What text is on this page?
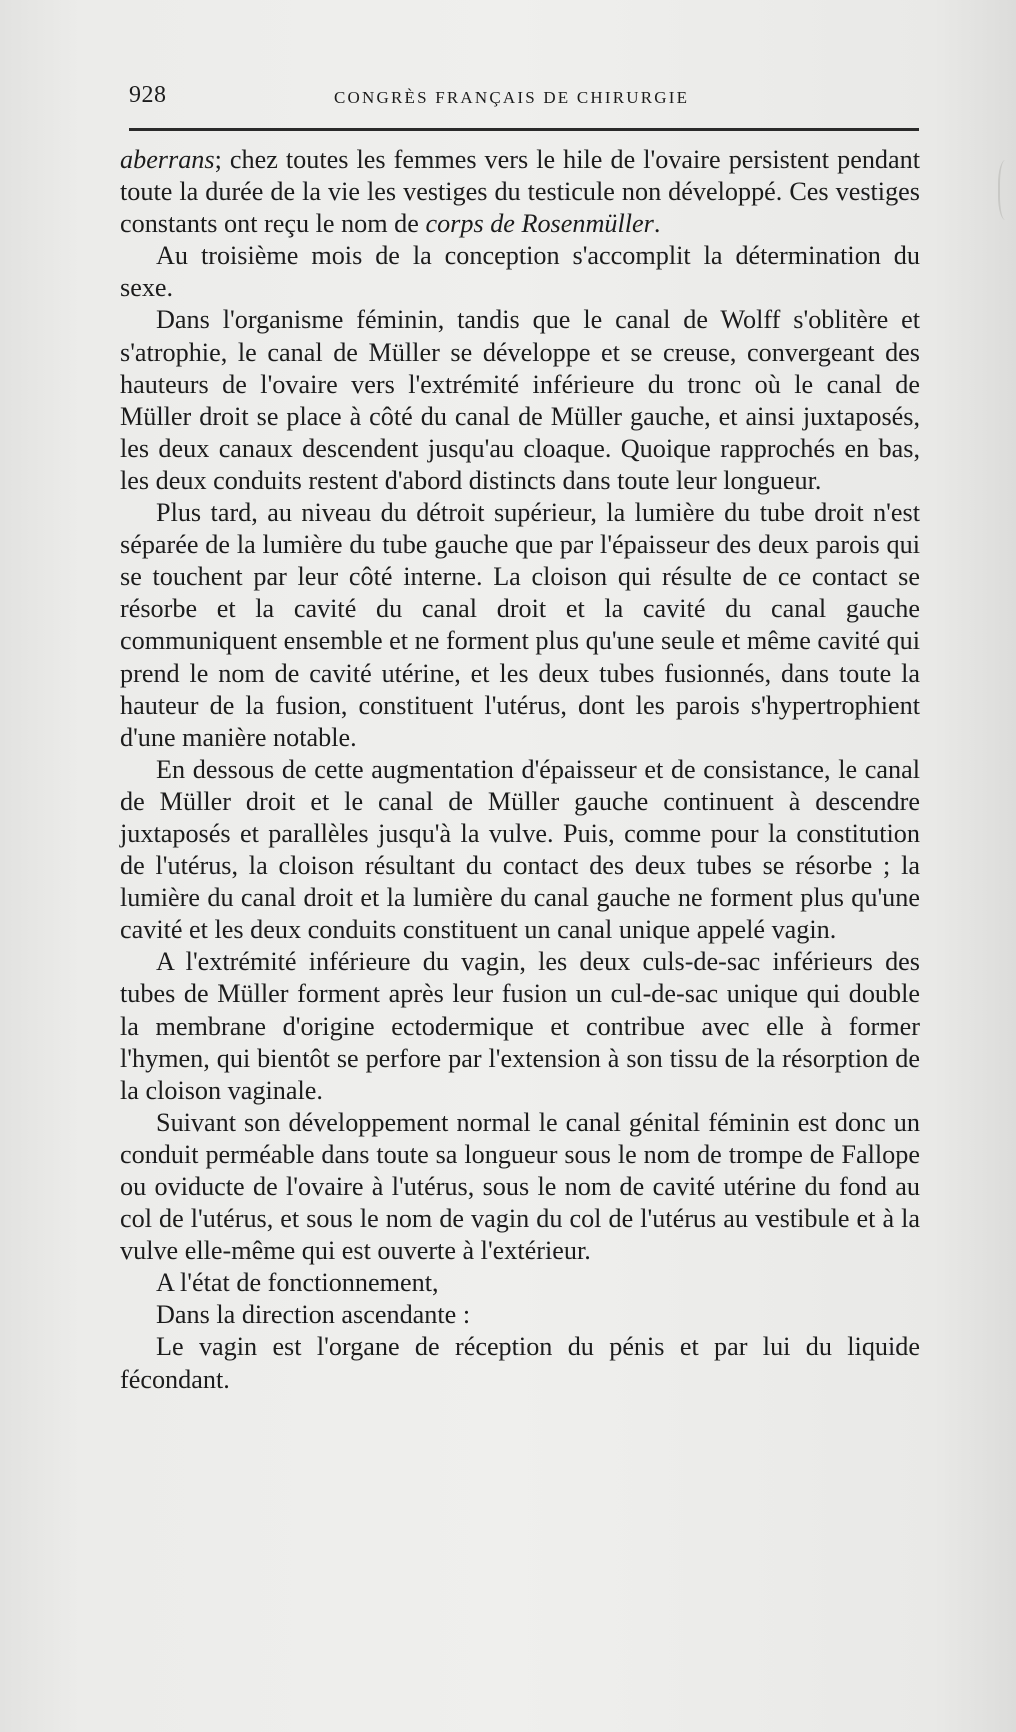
928	CONGRÈS FRANÇAIS DE CHIRURGIE

aberrans; chez toutes les femmes vers le hile de l'ovaire persistent pendant toute la durée de la vie les vestiges du testicule non développé. Ces vestiges constants ont reçu le nom de corps de Rosenmüller.

Au troisième mois de la conception s'accomplit la détermination du sexe.

Dans l'organisme féminin, tandis que le canal de Wolff s'oblitère et s'atrophie, le canal de Müller se développe et se creuse, convergeant des hauteurs de l'ovaire vers l'extrémité inférieure du tronc où le canal de Müller droit se place à côté du canal de Müller gauche, et ainsi juxtaposés, les deux canaux descendent jusqu'au cloaque. Quoique rapprochés en bas, les deux conduits restent d'abord distincts dans toute leur longueur.

Plus tard, au niveau du détroit supérieur, la lumière du tube droit n'est séparée de la lumière du tube gauche que par l'épaisseur des deux parois qui se touchent par leur côté interne. La cloison qui résulte de ce contact se résorbe et la cavité du canal droit et la cavité du canal gauche communiquent ensemble et ne forment plus qu'une seule et même cavité qui prend le nom de cavité utérine, et les deux tubes fusionnés, dans toute la hauteur de la fusion, constituent l'utérus, dont les parois s'hypertrophient d'une manière notable.

En dessous de cette augmentation d'épaisseur et de consistance, le canal de Müller droit et le canal de Müller gauche continuent à descendre juxtaposés et parallèles jusqu'à la vulve. Puis, comme pour la constitution de l'utérus, la cloison résultant du contact des deux tubes se résorbe ; la lumière du canal droit et la lumière du canal gauche ne forment plus qu'une cavité et les deux conduits constituent un canal unique appelé vagin.

A l'extrémité inférieure du vagin, les deux culs-de-sac inférieurs des tubes de Müller forment après leur fusion un cul-de-sac unique qui double la membrane d'origine ectodermique et contribue avec elle à former l'hymen, qui bientôt se perfore par l'extension à son tissu de la résorption de la cloison vaginale.

Suivant son développement normal le canal génital féminin est donc un conduit perméable dans toute sa longueur sous le nom de trompe de Fallope ou oviducte de l'ovaire à l'utérus, sous le nom de cavité utérine du fond au col de l'utérus, et sous le nom de vagin du col de l'utérus au vestibule et à la vulve elle-même qui est ouverte à l'extérieur.

A l'état de fonctionnement,

Dans la direction ascendante :

Le vagin est l'organe de réception du pénis et par lui du liquide fécondant.
